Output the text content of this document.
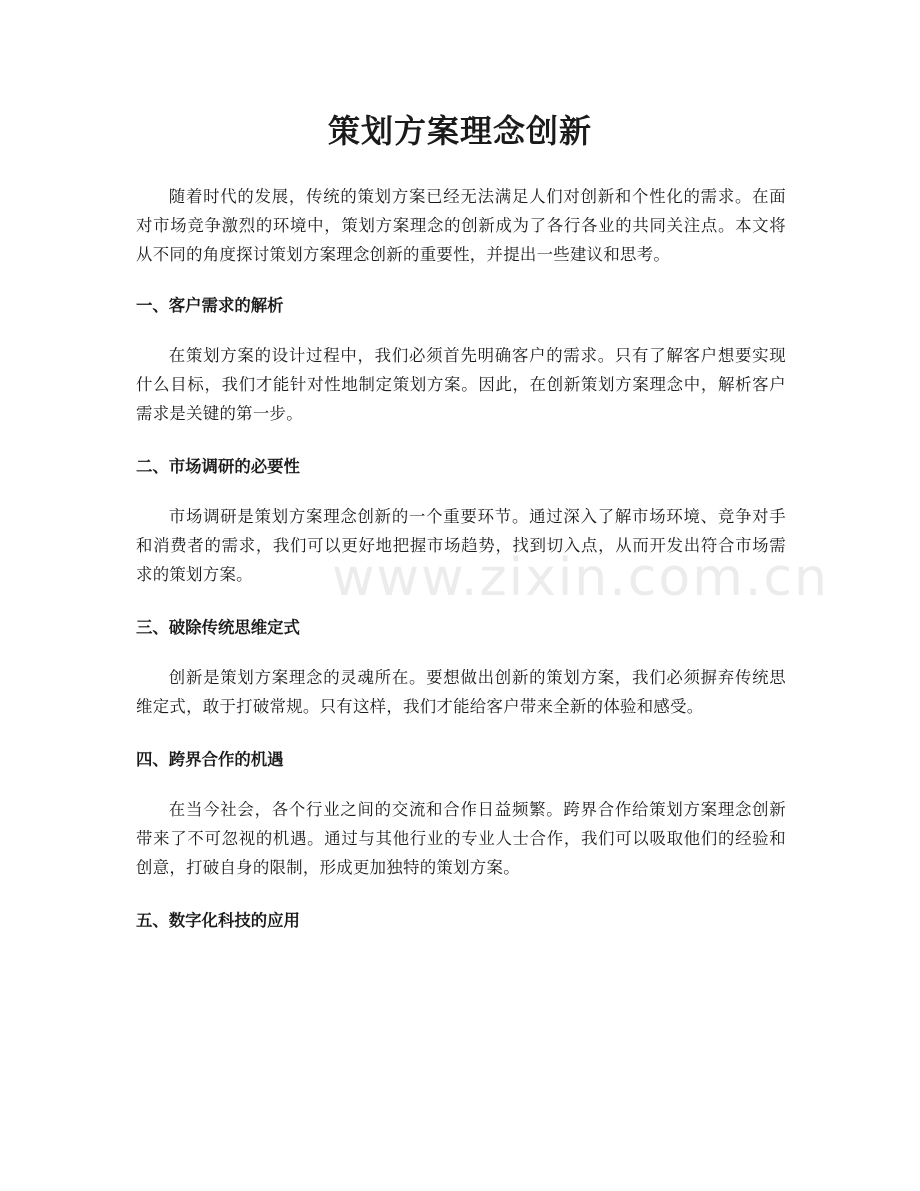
策划方案理念创新

随着时代的发展，传统的策划方案已经无法满足人们对创新和个性化的需求。在面对市场竞争激烈的环境中，策划方案理念的创新成为了各行各业的共同关注点。本文将从不同的角度探讨策划方案理念创新的重要性，并提出一些建议和思考。

一、客户需求的解析

在策划方案的设计过程中，我们必须首先明确客户的需求。只有了解客户想要实现什么目标，我们才能针对性地制定策划方案。因此，在创新策划方案理念中，解析客户需求是关键的第一步。

二、市场调研的必要性

市场调研是策划方案理念创新的一个重要环节。通过深入了解市场环境、竞争对手和消费者的需求，我们可以更好地把握市场趋势，找到切入点，从而开发出符合市场需求的策划方案。

三、破除传统思维定式

创新是策划方案理念的灵魂所在。要想做出创新的策划方案，我们必须摒弃传统思维定式，敢于打破常规。只有这样，我们才能给客户带来全新的体验和感受。

四、跨界合作的机遇

在当今社会，各个行业之间的交流和合作日益频繁。跨界合作给策划方案理念创新带来了不可忽视的机遇。通过与其他行业的专业人士合作，我们可以吸取他们的经验和创意，打破自身的限制，形成更加独特的策划方案。

五、数字化科技的应用
www.zixin.com.cn
